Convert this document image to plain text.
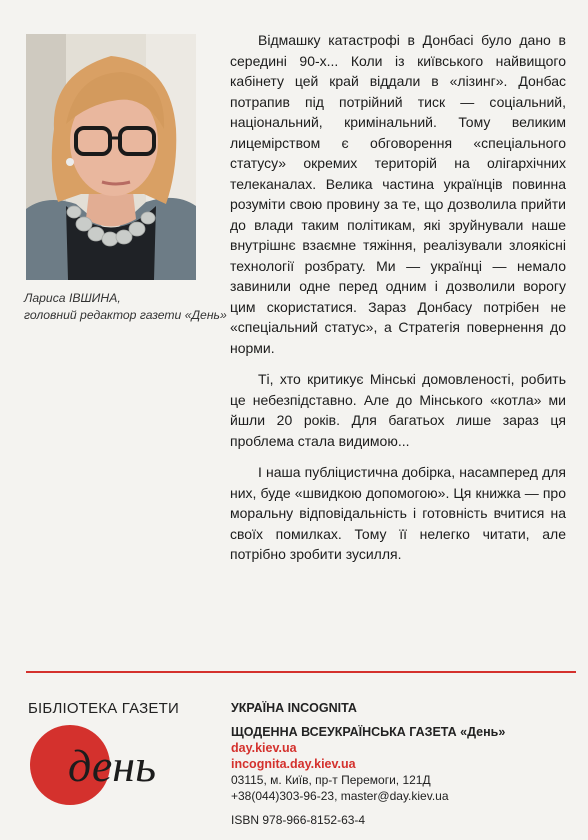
Лариса ІВШИНА,
головний редактор газети «День»

Відмашку катастрофі в Донбасі було дано в середині 90-х... Коли із київського найвищого кабінету цей край віддали в «лізинг». Донбас потрапив під потрійний тиск — соціальний, національний, кримінальний. Тому великим лицемірством є обговорення «спеціального статусу» окремих територій на олігархічних телеканалах. Велика частина українців повинна розуміти свою провину за те, що дозволила прийти до влади таким політикам, які зруйнували наше внутрішнє взаємне тяжіння, реалізували злоякісні технології розбрату. Ми — українці — немало завинили одне перед одним і дозволили ворогу цим скористатися. Зараз Донбасу потрібен не «спеціальний статус», а Стратегія повернення до норми.

Ті, хто критикує Мінські домовленості, робить це небезпідставно. Але до Мінського «котла» ми йшли 20 років. Для багатьох лише зараз ця проблема стала видимою...

І наша публіцистична добірка, насамперед для них, буде «швидкою допомогою». Ця книжка — про моральну відповідальність і готовність вчитися на своїх помилках. Тому її нелегко читати, але потрібно зробити зусилля.

БІБЛІОТЕКА ГАЗЕТИ
день
УКРАЇНА INCOGNITA
ЩОДЕННА ВСЕУКРАЇНСЬКА ГАЗЕТА «День»
day.kiev.ua
incognita.day.kiev.ua
03115, м. Київ, пр-т Перемоги, 121Д
+38(044)303-96-23, master@day.kiev.ua
ISBN 978-966-8152-63-4
